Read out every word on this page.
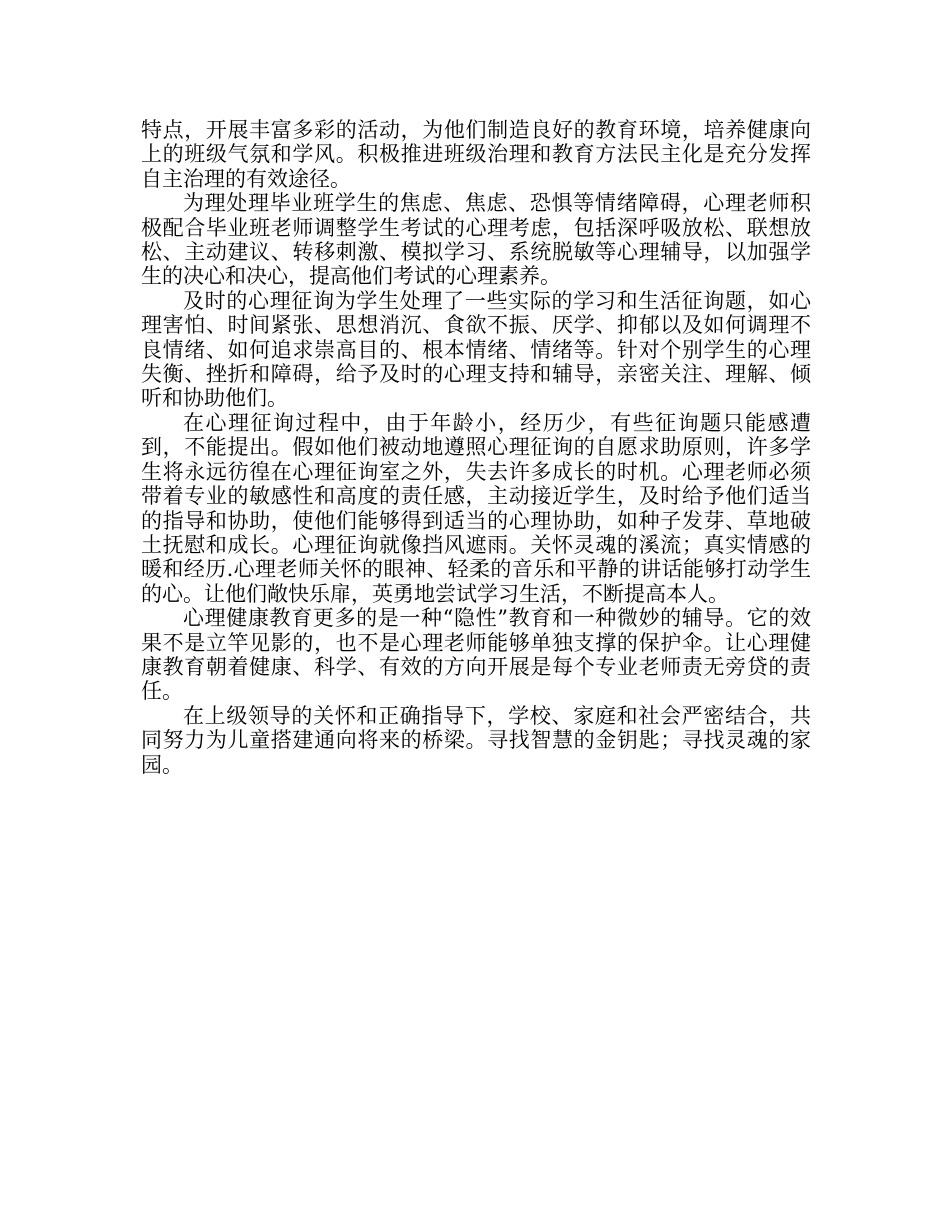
特点，开展丰富多彩的活动，为他们制造良好的教育环境，培养健康向上的班级气氛和学风。积极推进班级治理和教育方法民主化是充分发挥自主治理的有效途径。

为理处理毕业班学生的焦虑、焦虑、恐惧等情绪障碍，心理老师积极配合毕业班老师调整学生考试的心理考虑，包括深呼吸放松、联想放松、主动建议、转移刺激、模拟学习、系统脱敏等心理辅导，以加强学生的决心和决心，提高他们考试的心理素养。

及时的心理征询为学生处理了一些实际的学习和生活征询题，如心理害怕、时间紧张、思想消沉、食欲不振、厌学、抑郁以及如何调理不良情绪、如何追求崇高目的、根本情绪、情绪等。针对个别学生的心理失衡、挫折和障碍，给予及时的心理支持和辅导，亲密关注、理解、倾听和协助他们。

在心理征询过程中，由于年龄小，经历少，有些征询题只能感遭到，不能提出。假如他们被动地遵照心理征询的自愿求助原则，许多学生将永远彷徨在心理征询室之外，失去许多成长的时机。心理老师必须带着专业的敏感性和高度的责任感，主动接近学生，及时给予他们适当的指导和协助，使他们能够得到适当的心理协助，如种子发芽、草地破土抚慰和成长。心理征询就像挡风遮雨。关怀灵魂的溪流；真实情感的暖和经历.心理老师关怀的眼神、轻柔的音乐和平静的讲话能够打动学生的心。让他们敞快乐扉，英勇地尝试学习生活，不断提高本人。

心理健康教育更多的是一种“隐性”教育和一种微妙的辅导。它的效果不是立竿见影的，也不是心理老师能够单独支撑的保护伞。让心理健康教育朝着健康、科学、有效的方向开展是每个专业老师责无旁贷的责任。

在上级领导的关怀和正确指导下，学校、家庭和社会严密结合，共同努力为儿童搭建通向将来的桥梁。寻找智慧的金钥匙；寻找灵魂的家园。
